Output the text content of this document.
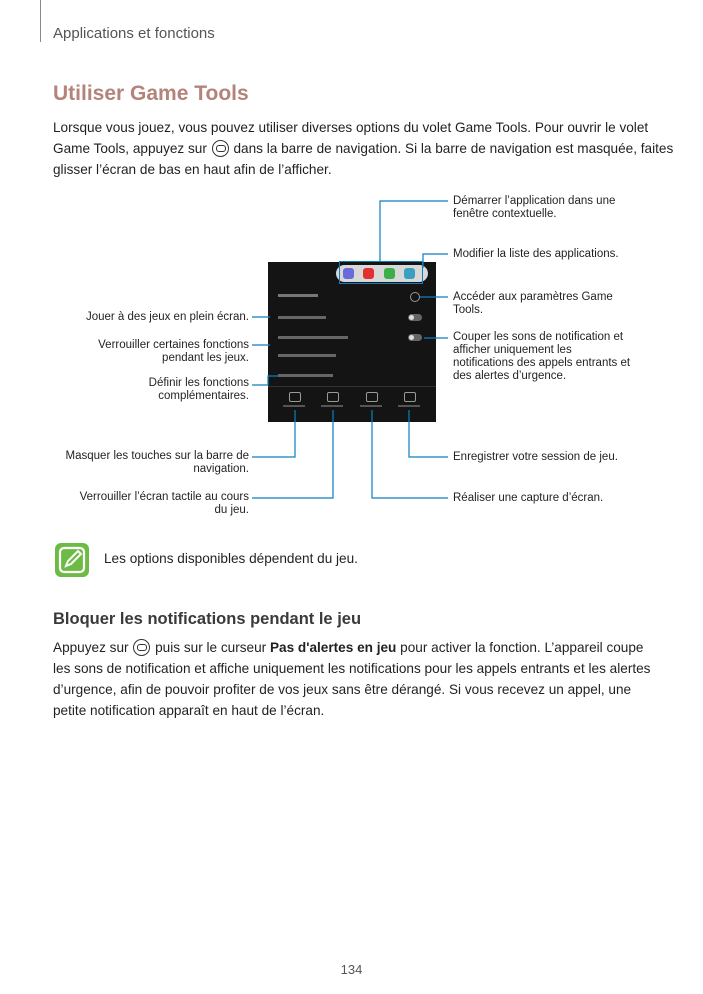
Applications et fonctions
Utiliser Game Tools
Lorsque vous jouez, vous pouvez utiliser diverses options du volet Game Tools. Pour ouvrir le volet
Game Tools, appuyez sur dans la barre de navigation. Si la barre de navigation est masquée, faites
glisser l’écran de bas en haut afin de l’afficher.
Démarrer l’application dans une
fenêtre contextuelle.
Modifier la liste des applications.
Accéder aux paramètres Game
Tools.
Couper les sons de notification et
afficher uniquement les
notifications des appels entrants et
des alertes d’urgence.
Jouer à des jeux en plein écran.
Verrouiller certaines fonctions
pendant les jeux.
Définir les fonctions
complémentaires.
Masquer les touches sur la barre de
navigation.
Verrouiller l’écran tactile au cours
du jeu.
Enregistrer votre session de jeu.
Réaliser une capture d’écran.
Les options disponibles dépendent du jeu.
Bloquer les notifications pendant le jeu
Appuyez sur puis sur le curseur Pas d'alertes en jeu pour activer la fonction. L’appareil coupe
les sons de notification et affiche uniquement les notifications pour les appels entrants et les alertes
d’urgence, afin de pouvoir profiter de vos jeux sans être dérangé. Si vous recevez un appel, une
petite notification apparaît en haut de l’écran.
134
